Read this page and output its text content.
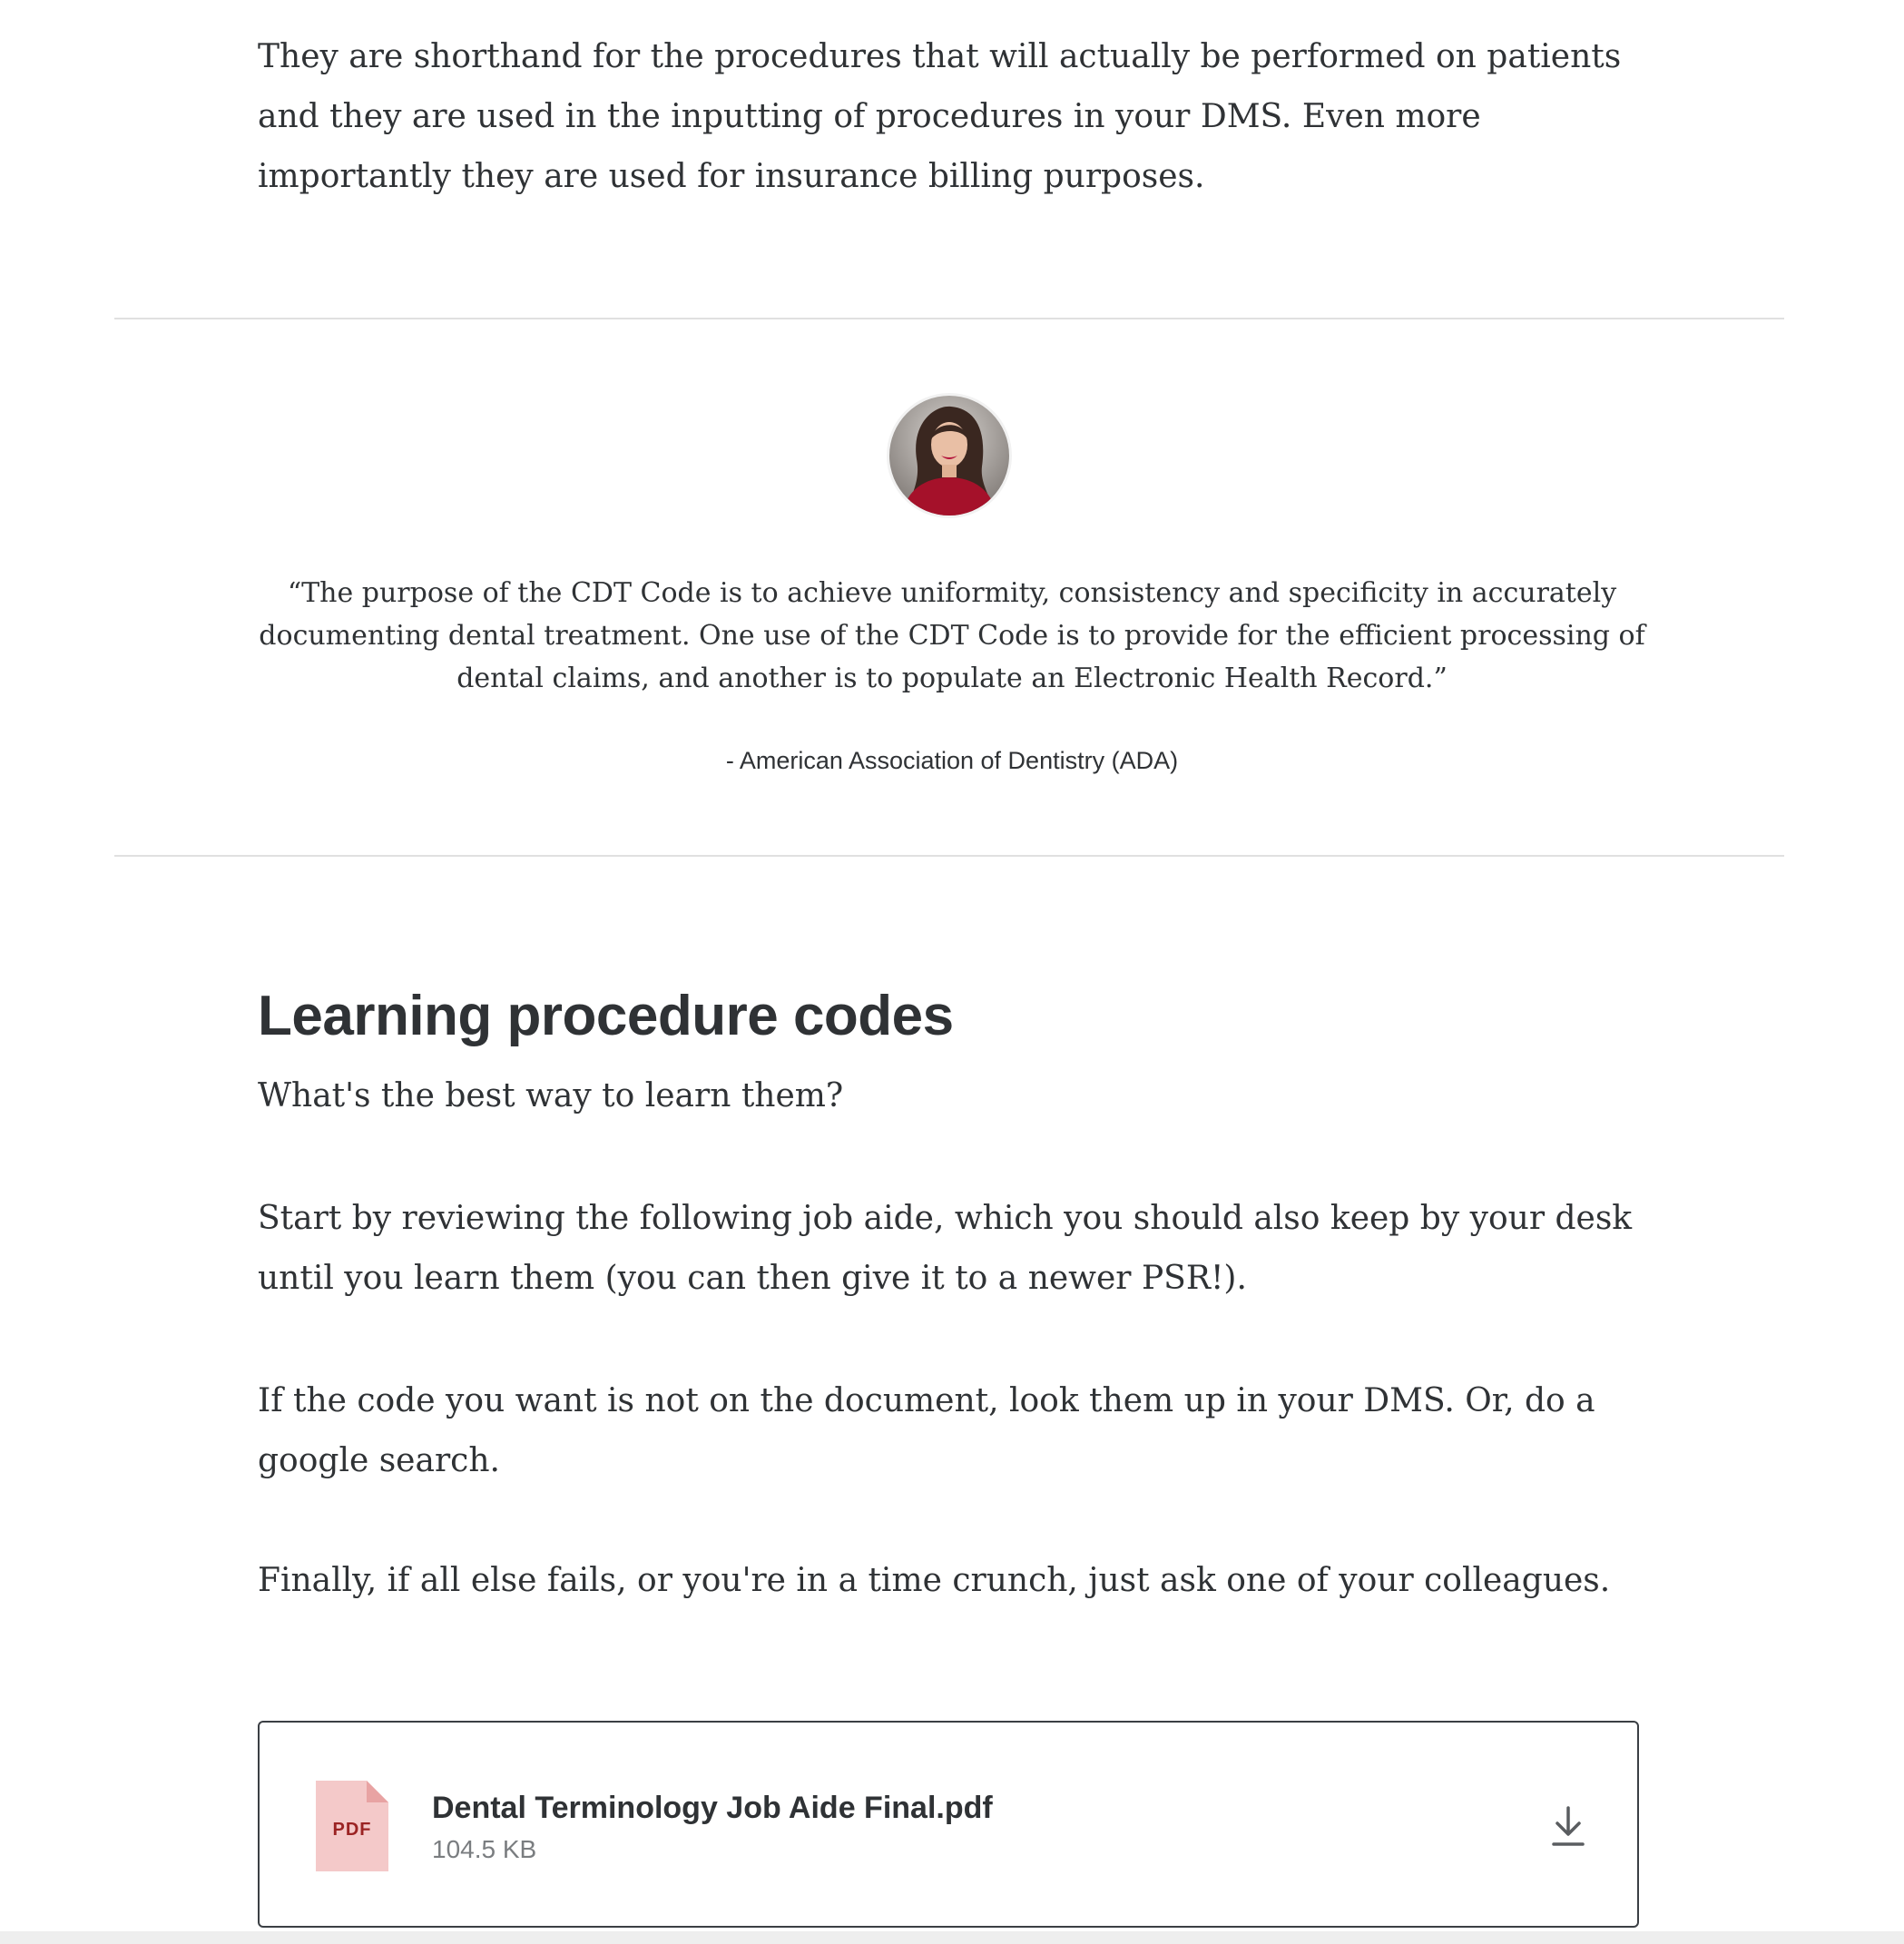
They are shorthand for the procedures that will actually be performed on patients and they are used in the inputting of procedures in your DMS. Even more importantly they are used for insurance billing purposes.

“The purpose of the CDT Code is to achieve uniformity, consistency and specificity in accurately documenting dental treatment. One use of the CDT Code is to provide for the efficient processing of dental claims, and another is to populate an Electronic Health Record.”

- American Association of Dentistry (ADA)

Learning procedure codes

What's the best way to learn them?

Start by reviewing the following job aide, which you should also keep by your desk until you learn them (you can then give it to a newer PSR!).

If the code you want is not on the document, look them up in your DMS. Or, do a google search.

Finally, if all else fails, or you're in a time crunch, just ask one of your colleagues.

PDF
Dental Terminology Job Aide Final.pdf
104.5 KB
